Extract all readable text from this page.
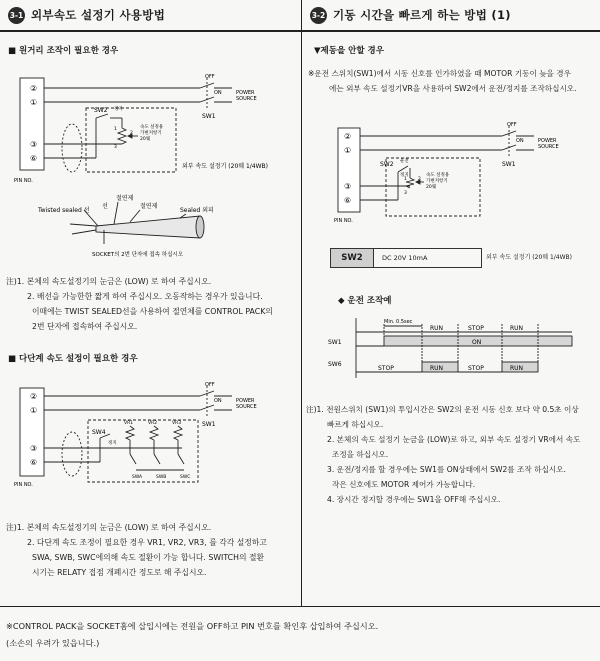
3-1 외부속도 설정기 사용방법
■ 원거리 조작이 필요한 경우
②
①
③
⑥
PIN NO.
OFF
ON	POWER
SOURCE
SW1
SW2 정지
속도 설정용
가변저항기
20웨
1
2
3
외부 속도 설정기 (20웨 1/4WB)
Twisted sealed 선
선
절연제
절연제
Sealed 외피
SOCKET의 2번 단자에 접속 하십시오
注)1. 본체의 속도설정기의 눈금은 (LOW) 로 하여 주십시오.
2. 배선을 가능한한 짧게 하여 주십시오. 오동작하는 경우가 있읍니다.
이때에는 TWIST SEALED선을 사용하여 절연체를 CONTROL PACK의
2번 단자에 접속하여 주십시오.
■ 다단계 속도 설정이 필요한 경우
②
①
③
⑥
PIN NO.
OFF
ON	POWER
SOURCE
SW1
SW4
정지
VR1	VR2	VR3
SWA	SWB	SWC
注)1. 본체의 속도설정기의 눈금은 (LOW) 로 하여 주십시오.
2. 다단계 속도 조정이 필요한 경우 VR1, VR2, VR3, 를 각각 설정하고
SWA, SWB, SWC에의해 속도 절환이 가능 합니다. SWITCH의 절환
시기는 RELATY 접점 개폐시간 정도로 해 주십시오.
3-2 기동 시간을 빠르게 하는 방법 (1)
▼제동을 안할 경우
※운전 스위치(SW1)에서 시동 신호를 인가하였을 때 MOTOR 기동이 늦을 경우
에는 외부 속도 설정기VR을 사용하여 SW2에서 운전/정지를 조작하십시오.
②
①
③
⑥
PIN NO.
OFF
ON	POWER
SOURCE
SW1
SW2 운전
정지	속도 설정용
가변저항기
20웨
1 2
3
SW2	DC 20V 10mA	외부 속도 설정기 (20웨 1/4WB)
◆ 운전 조작예
Min. 0.5sec
RUN	STOP	RUN
SW1
SW6
ON
STOP	RUN	STOP	RUN
注)1. 전원스위치 (SW1)의 투입시간은 SW2의 운전 시동 신호 보다 약 0.5초 이상
빠르게 하십시오.
2. 본체의 속도 설정기 눈금을 (LOW)로 하고, 외부 속도 설정기 VR에서 속도
조정을 하십시오.
3. 운전/정지를 할 경우에는 SW1를 ON상태에서 SW2를 조작 하십시오.
작은 신호에도 MOTOR 제어가 가능합니다.
4. 장시간 정지할 경우에는 SW1을 OFF해 주십시오.
※CONTROL PACK을 SOCKET홈에 삽입시에는 전원을 OFF하고 PIN 번호를 확인후 삽입하여 주십시오.
(소손의 우려가 있읍니다.)
